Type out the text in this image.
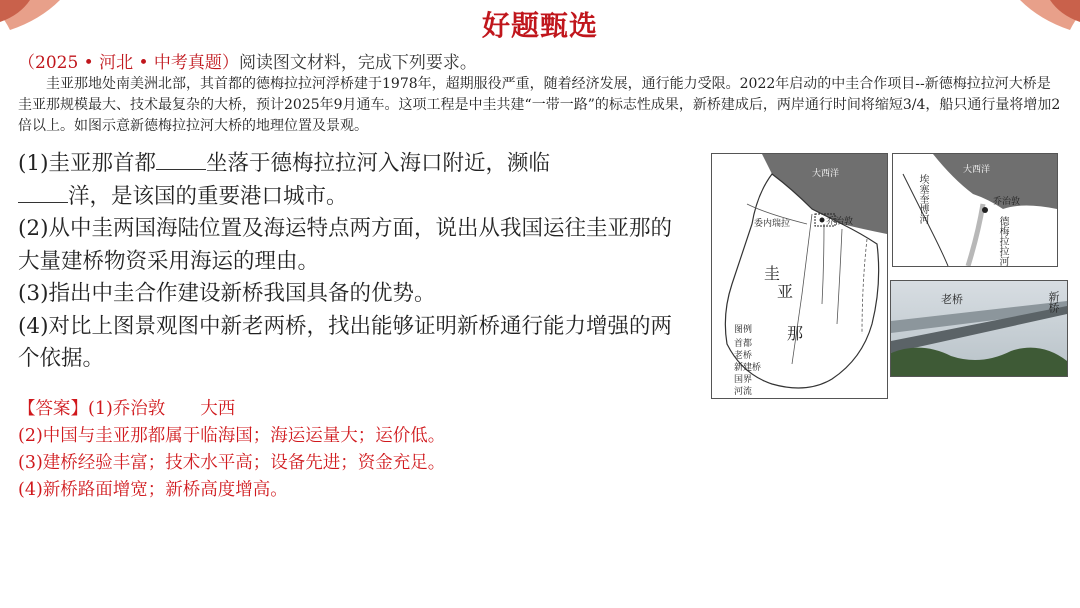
好题甄选
（2025 • 河北 • 中考真题）阅读图文材料，完成下列要求。
圭亚那地处南美洲北部，其首都的德梅拉拉河浮桥建于1978年，超期服役严重，随着经济发展，通行能力受限。2022年启动的中圭合作项目--新德梅拉拉河大桥是圭亚那规模最大、技术最复杂的大桥，预计2025年9月通车。这项工程是中圭共建“一带一路”的标志性成果，新桥建成后，两岸通行时间将缩短3/4，船只通行量将增加2倍以上。如图示意新德梅拉拉河大桥的地理位置及景观。

(1)圭亚那首都 坐落于德梅拉拉河入海口附近，濒临
洋，是该国的重要港口城市。

(2)从中圭两国海陆位置及海运特点两方面，说出从我国运往圭亚那的大量建桥物资采用海运的理由。

(3)指出中圭合作建设新桥我国具备的优势。

(4)对比上图景观图中新老两桥，找出能够证明新桥通行能力增强的两个依据。

【答案】(1)乔治敦　　大西

(2)中国与圭亚那都属于临海国；海运运量大；运价低。

(3)建桥经验丰富；技术水平高；设备先进；资金充足。

(4)新桥路面增宽；新桥高度增高。

大西洋
委内瑞拉	乔治敦
圭
亚
那
图例
首都
老桥
新建桥
国界
河流
大西洋
乔治敦
埃塞奎博河
德梅拉拉河
老桥	新桥
